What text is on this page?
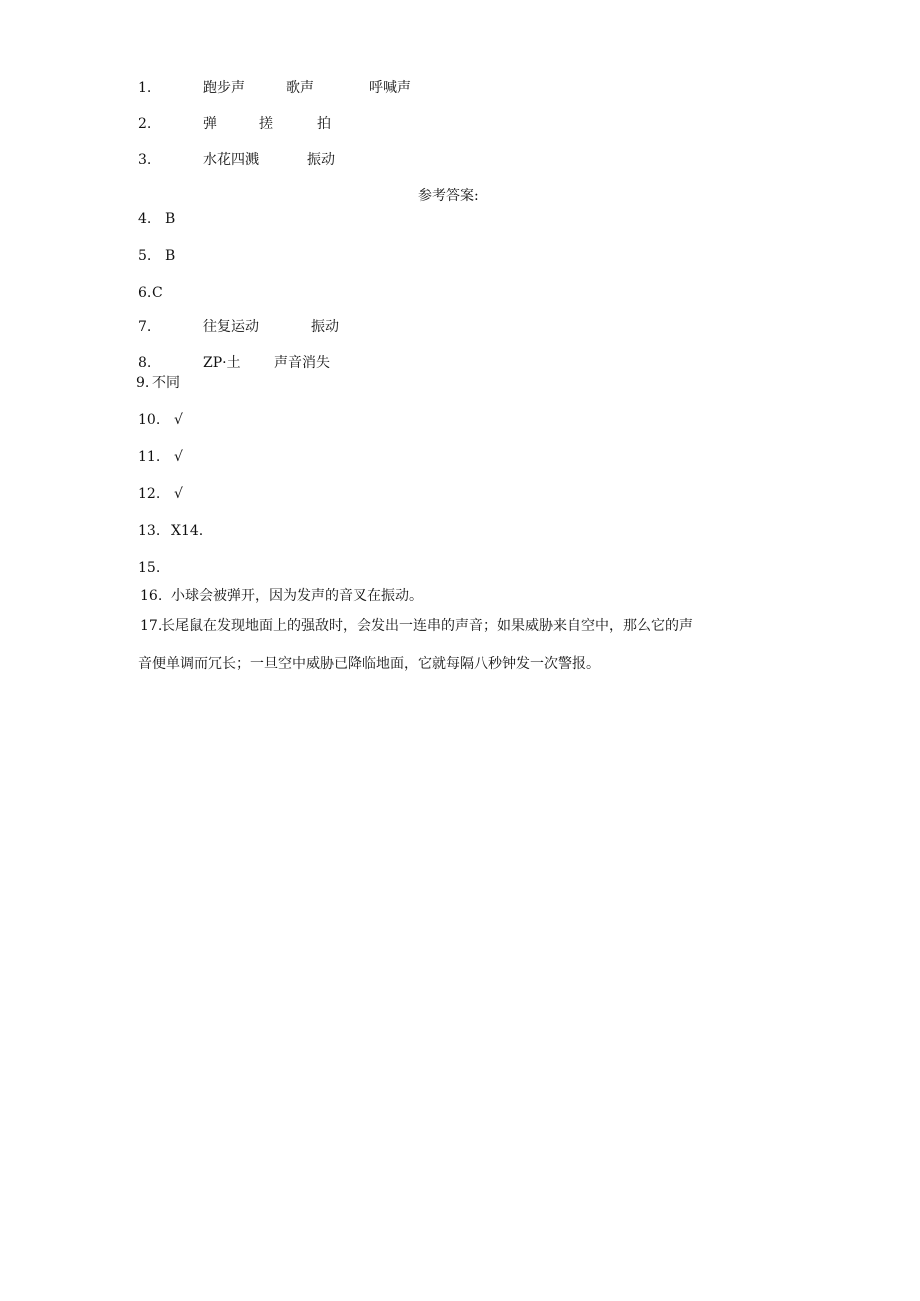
1.	跑步声	歌声	呼喊声
2.	弹	搓	拍
3.	水花四溅	振动
参考答案:
4. B
5. B
6. C
7.	往复运动	振动
8.	ZP·土 声音消失
9. 不同
10. √
11. √
12. √
13. X14.
15.
16. 小球会被弹开，因为发声的音叉在振动。
17.
长尾鼠在发现地面上的强敌时，会发出一连串的声音；如果威胁来自空中，那么它的声
音便单调而冗长；一旦空中威胁已降临地面，它就每隔八秒钟发一次警报。
